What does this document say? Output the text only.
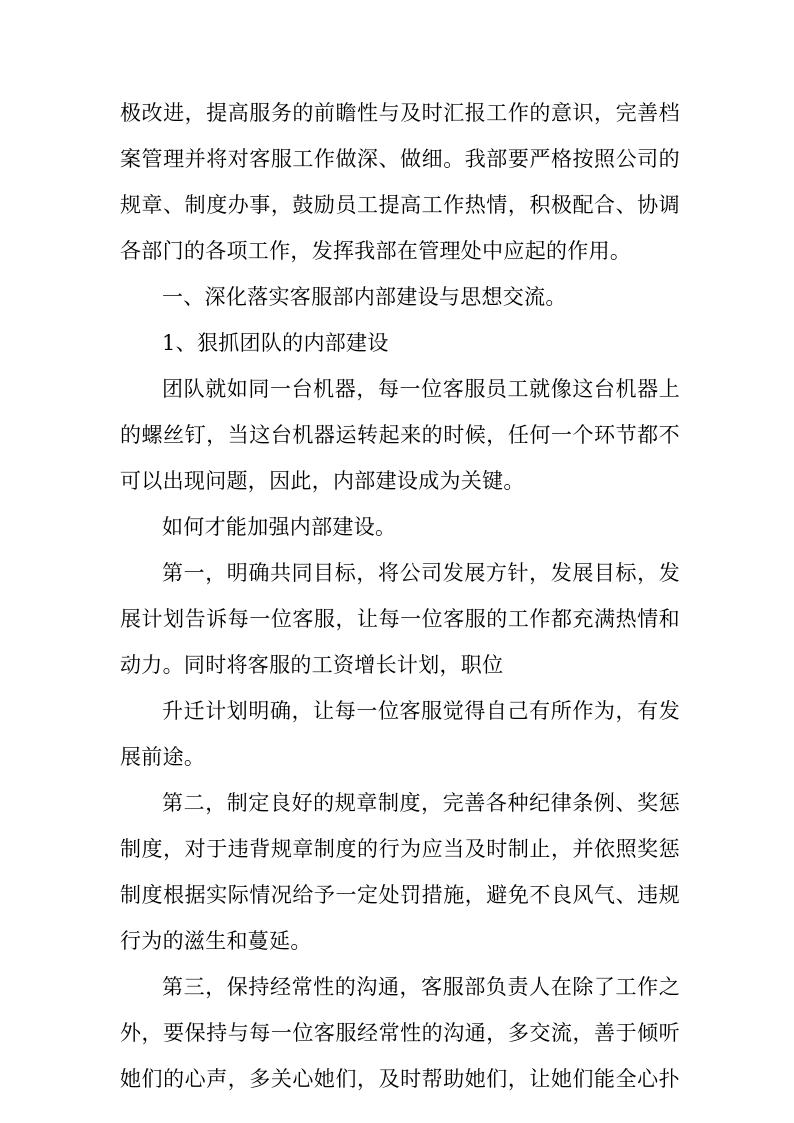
极改进，提高服务的前瞻性与及时汇报工作的意识，完善档
案管理并将对客服工作做深、做细。我部要严格按照公司的
规章、制度办事，鼓励员工提高工作热情，积极配合、协调
各部门的各项工作，发挥我部在管理处中应起的作用。
一、深化落实客服部内部建设与思想交流。
1、狠抓团队的内部建设
团队就如同一台机器，每一位客服员工就像这台机器上
的螺丝钉，当这台机器运转起来的时候，任何一个环节都不
可以出现问题，因此，内部建设成为关键。
如何才能加强内部建设。
第一，明确共同目标，将公司发展方针，发展目标，发
展计划告诉每一位客服，让每一位客服的工作都充满热情和
动力。同时将客服的工资增长计划，职位
升迁计划明确，让每一位客服觉得自己有所作为，有发
展前途。
第二，制定良好的规章制度，完善各种纪律条例、奖惩
制度，对于违背规章制度的行为应当及时制止，并依照奖惩
制度根据实际情况给予一定处罚措施，避免不良风气、违规
行为的滋生和蔓延。
第三，保持经常性的沟通，客服部负责人在除了工作之
外，要保持与每一位客服经常性的沟通，多交流，善于倾听
她们的心声，多关心她们，及时帮助她们，让她们能全心扑
